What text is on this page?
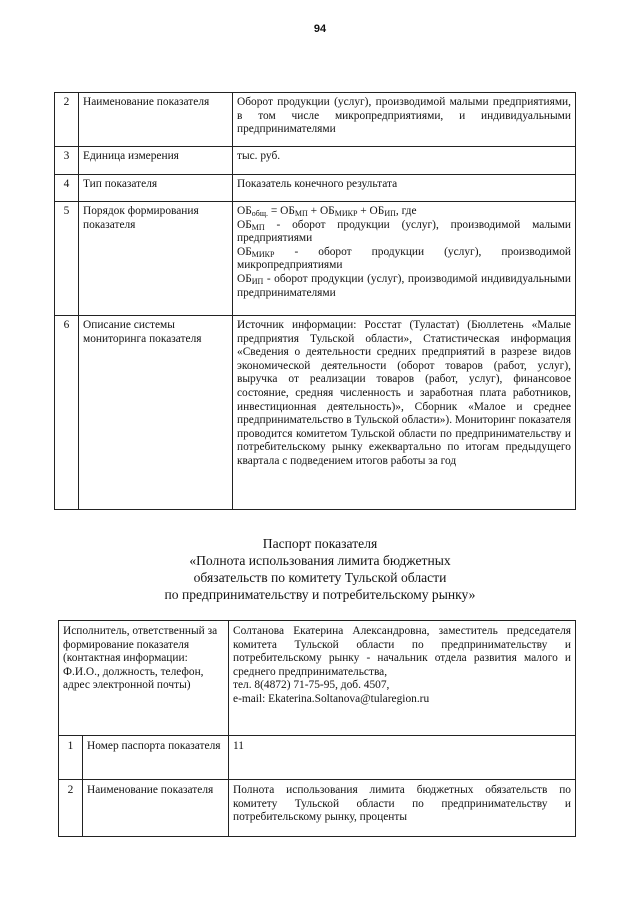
94
2	Наименование показателя	Оборот продукции (услуг), производимой малыми предприятиями, в том числе микропредприятиями, и индивидуальными предпринимателями
3	Единица измерения	тыс. руб.
4	Тип показателя	Показатель конечного результата
5	Порядок формирования показателя	$ОБ_{общ.} = ОБ_{МП} + ОБ_{МИКР} + ОБ_{ИП}$, где
$ОБ_{МП}$ - оборот продукции (услуг), производимой малыми предприятиями
$ОБ_{МИКР}$ - оборот продукции (услуг), производимой микропредприятиями
$ОБ_{ИП}$ - оборот продукции (услуг), производимой индивидуальными предпринимателями

6	Описание системы мониторинга показателя	Источник информации: Росстат (Туластат) (Бюллетень «Малые предприятия Тульской области», Статистическая информация «Сведения о деятельности средних предприятий в разрезе видов экономической деятельности (оборот товаров (работ, услуг), выручка от реализации товаров (работ, услуг), финансовое состояние, средняя численность и заработная плата работников, инвестиционная деятельность)», Сборник «Малое и среднее предпринимательство в Тульской области»). Мониторинг показателя проводится комитетом Тульской области по предпринимательству и потребительскому рынку ежеквартально по итогам предыдущего квартала с подведением итогов работы за год
Паспорт показателя
«Полнота использования лимита бюджетных
обязательств по комитету Тульской области
по предпринимательству и потребительскому рынку»
Исполнитель, ответственный за формирование показателя (контактная информации: Ф.И.О., должность, телефон, адрес электронной почты)		Солтанова Екатерина Александровна, заместитель председателя комитета Тульской области по предпринимательству и потребительскому рынку - начальник отдела развития малого и среднего предпринимательства,
тел. 8(4872) 71-75-95, доб. 4507,
e-mail: Ekaterina.Soltanova@tularegion.ru

1	Номер паспорта показателя	11
2	Наименование показателя	Полнота использования лимита бюджетных обязательств по комитету Тульской области по предпринимательству и потребительскому рынку, проценты
